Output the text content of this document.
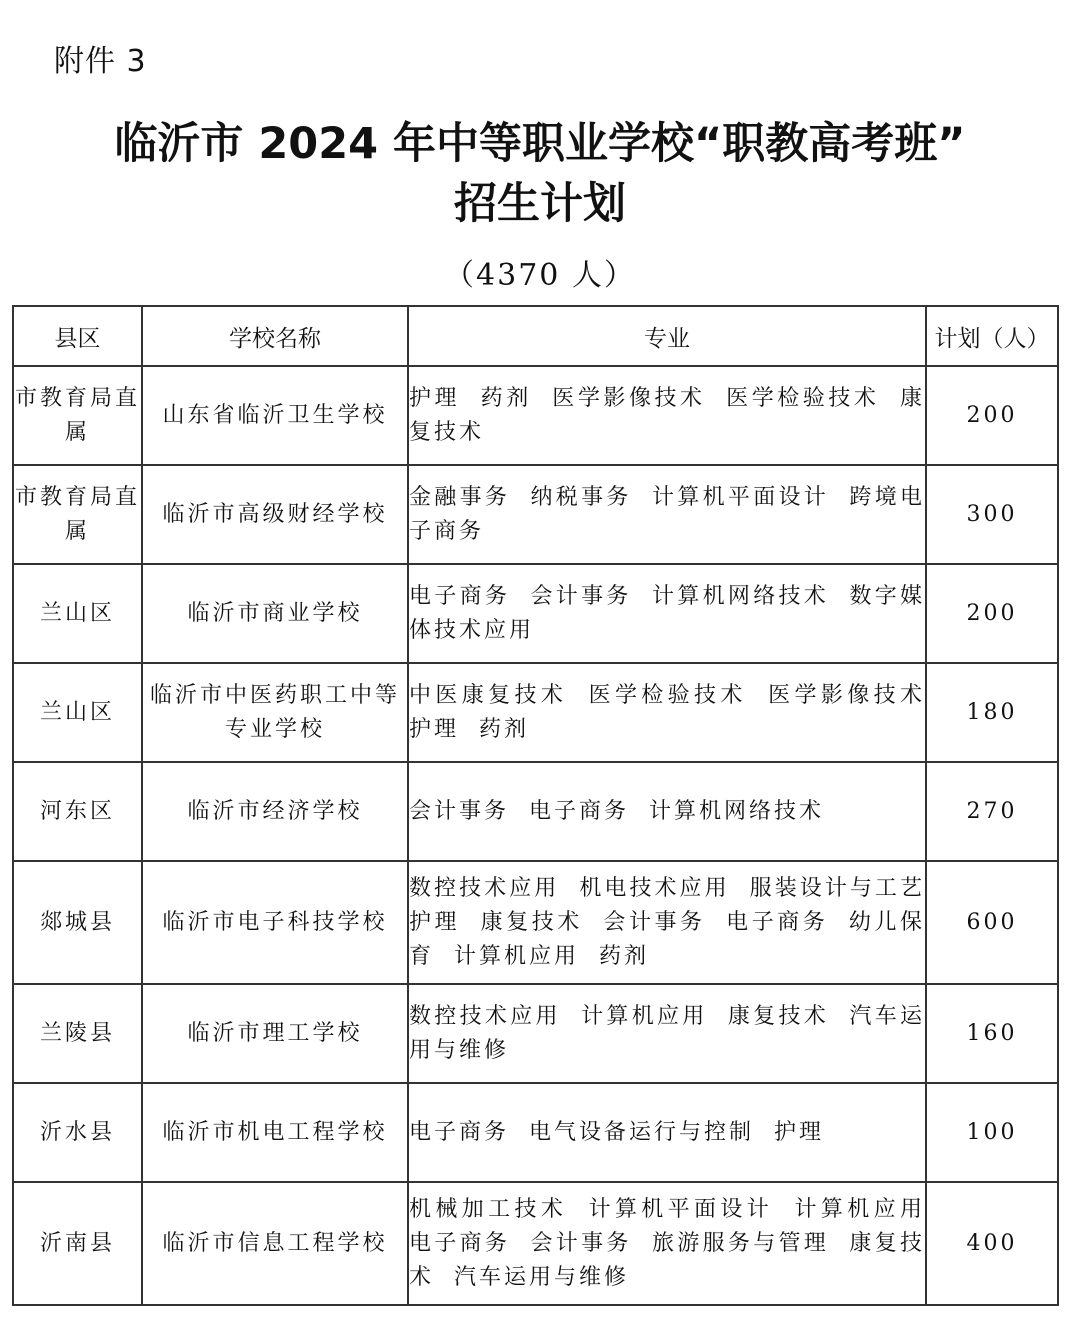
附件 3
临沂市 2024 年中等职业学校“职教高考班”
招生计划
（4370 人）
县区	学校名称	专业	计划（人）
市教育局直属	山东省临沂卫生学校	护理 药剂 医学影像技术 医学检验技术 康复技术	200
市教育局直属	临沂市高级财经学校	金融事务 纳税事务 计算机平面设计 跨境电子商务	300
兰山区	临沂市商业学校	电子商务 会计事务 计算机网络技术 数字媒体技术应用	200
兰山区	临沂市中医药职工中等专业学校	中医康复技术 医学检验技术 医学影像技术 护理 药剂	180
河东区	临沂市经济学校	会计事务 电子商务 计算机网络技术	270
郯城县	临沂市电子科技学校	数控技术应用 机电技术应用 服装设计与工艺 护理 康复技术 会计事务 电子商务 幼儿保育 计算机应用 药剂	600
兰陵县	临沂市理工学校	数控技术应用 计算机应用 康复技术 汽车运用与维修	160
沂水县	临沂市机电工程学校	电子商务 电气设备运行与控制 护理	100
沂南县	临沂市信息工程学校	机械加工技术 计算机平面设计 计算机应用 电子商务 会计事务 旅游服务与管理 康复技术 汽车运用与维修	400
